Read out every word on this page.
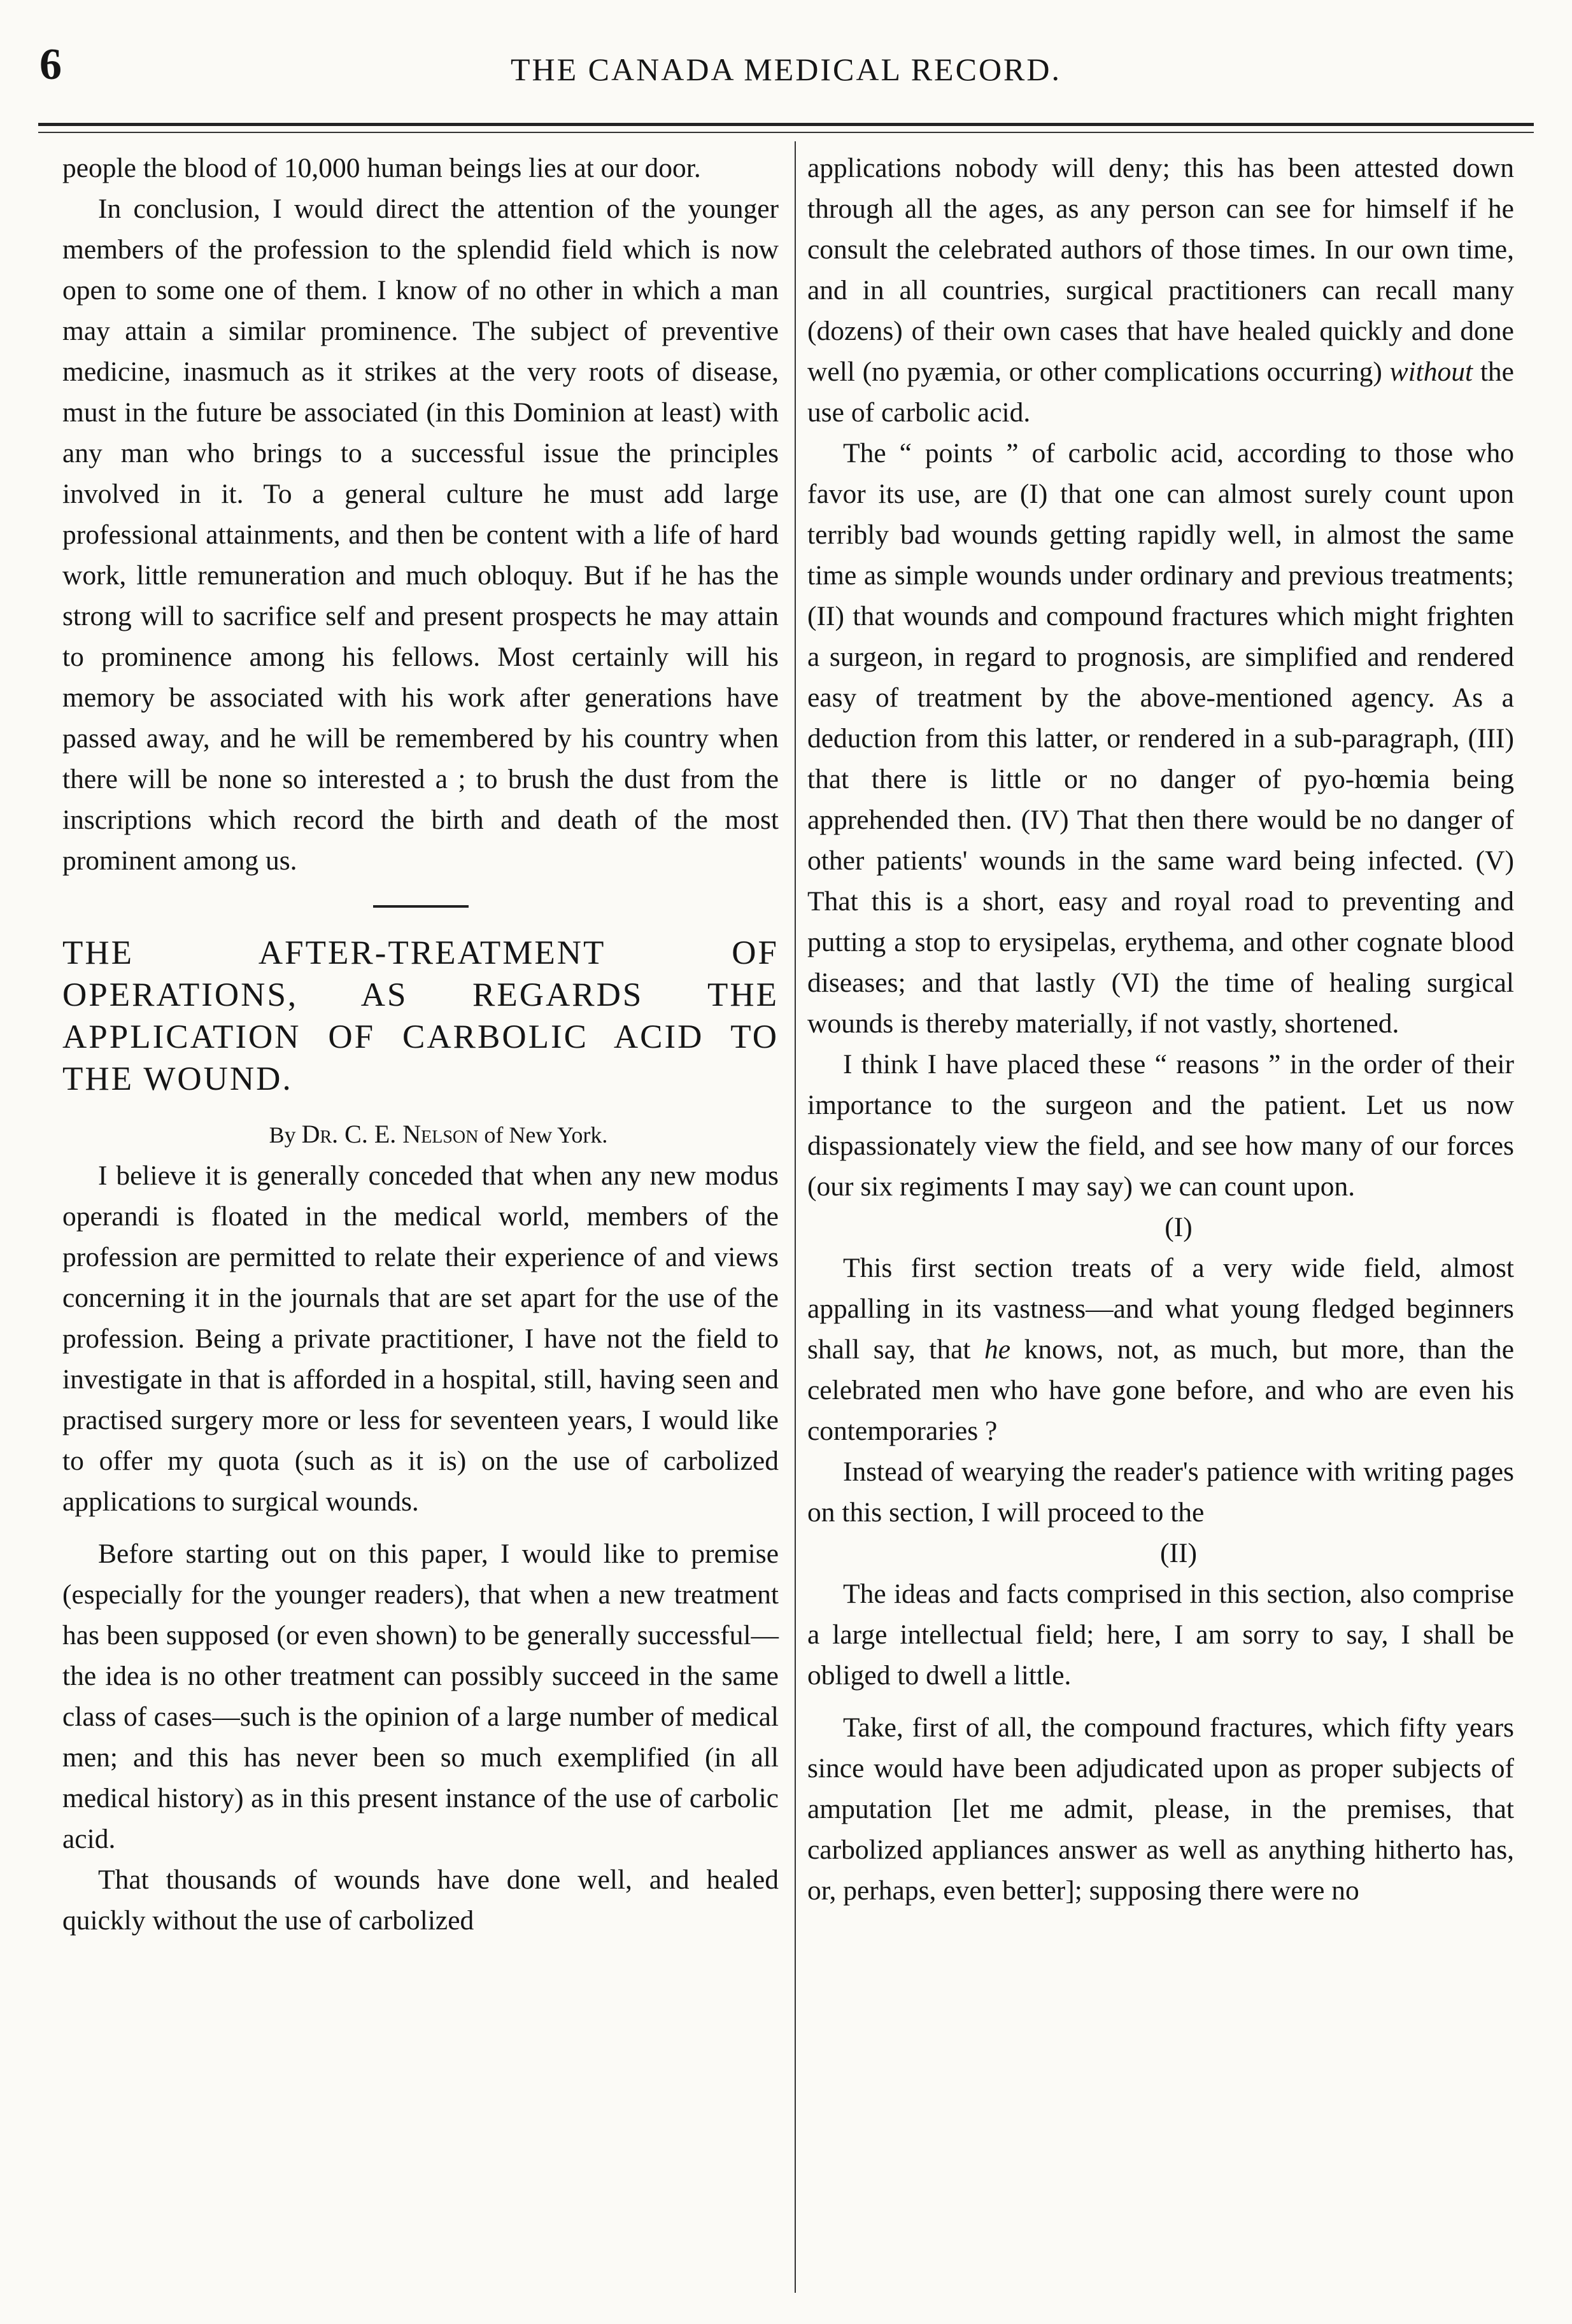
6	THE CANADA MEDICAL RECORD.

people the blood of 10,000 human beings lies at our door.

In conclusion, I would direct the attention of the younger members of the profession to the splendid field which is now open to some one of them. I know of no other in which a man may attain a similar prominence. The subject of preventive medicine, inasmuch as it strikes at the very roots of disease, must in the future be associated (in this Dominion at least) with any man who brings to a successful issue the principles involved in it. To a general culture he must add large professional attainments, and then be content with a life of hard work, little remuneration and much obloquy. But if he has the strong will to sacrifice self and present prospects he may attain to prominence among his fellows. Most certainly will his memory be associated with his work after generations have passed away, and he will be remembered by his country when there will be none so interested a ; to brush the dust from the inscriptions which record the birth and death of the most prominent among us.

THE AFTER-TREATMENT OF OPERATIONS, AS REGARDS THE APPLICATION OF CARBOLIC ACID TO THE WOUND.

By Dr. C. E. Nelson of New York.

I believe it is generally conceded that when any new modus operandi is floated in the medical world, members of the profession are permitted to relate their experience of and views concerning it in the journals that are set apart for the use of the profession. Being a private practitioner, I have not the field to investigate in that is afforded in a hospital, still, having seen and practised surgery more or less for seventeen years, I would like to offer my quota (such as it is) on the use of carbolized applications to surgical wounds.

Before starting out on this paper, I would like to premise (especially for the younger readers), that when a new treatment has been supposed (or even shown) to be generally successful—the idea is no other treatment can possibly succeed in the same class of cases—such is the opinion of a large number of medical men; and this has never been so much exemplified (in all medical history) as in this present instance of the use of carbolic acid.

That thousands of wounds have done well, and healed quickly without the use of carbolized

applications nobody will deny; this has been attested down through all the ages, as any person can see for himself if he consult the celebrated authors of those times. In our own time, and in all countries, surgical practitioners can recall many (dozens) of their own cases that have healed quickly and done well (no pyæmia, or other complications occurring) without the use of carbolic acid.

The “ points ” of carbolic acid, according to those who favor its use, are (I) that one can almost surely count upon terribly bad wounds getting rapidly well, in almost the same time as simple wounds under ordinary and previous treatments; (II) that wounds and compound fractures which might frighten a surgeon, in regard to prognosis, are simplified and rendered easy of treatment by the above-mentioned agency. As a deduction from this latter, or rendered in a sub-paragraph, (III) that there is little or no danger of pyo-hœmia being apprehended then. (IV) That then there would be no danger of other patients' wounds in the same ward being infected. (V) That this is a short, easy and royal road to preventing and putting a stop to erysipelas, erythema, and other cognate blood diseases; and that lastly (VI) the time of healing surgical wounds is thereby materially, if not vastly, shortened.

I think I have placed these “ reasons ” in the order of their importance to the surgeon and the patient. Let us now dispassionately view the field, and see how many of our forces (our six regiments I may say) we can count upon.

(I)

This first section treats of a very wide field, almost appalling in its vastness—and what young fledged beginners shall say, that he knows, not, as much, but more, than the celebrated men who have gone before, and who are even his contemporaries ?

Instead of wearying the reader's patience with writing pages on this section, I will proceed to the

(II)

The ideas and facts comprised in this section, also comprise a large intellectual field; here, I am sorry to say, I shall be obliged to dwell a little.

Take, first of all, the compound fractures, which fifty years since would have been adjudicated upon as proper subjects of amputation [let me admit, please, in the premises, that carbolized appliances answer as well as anything hitherto has, or, perhaps, even better]; supposing there were no
